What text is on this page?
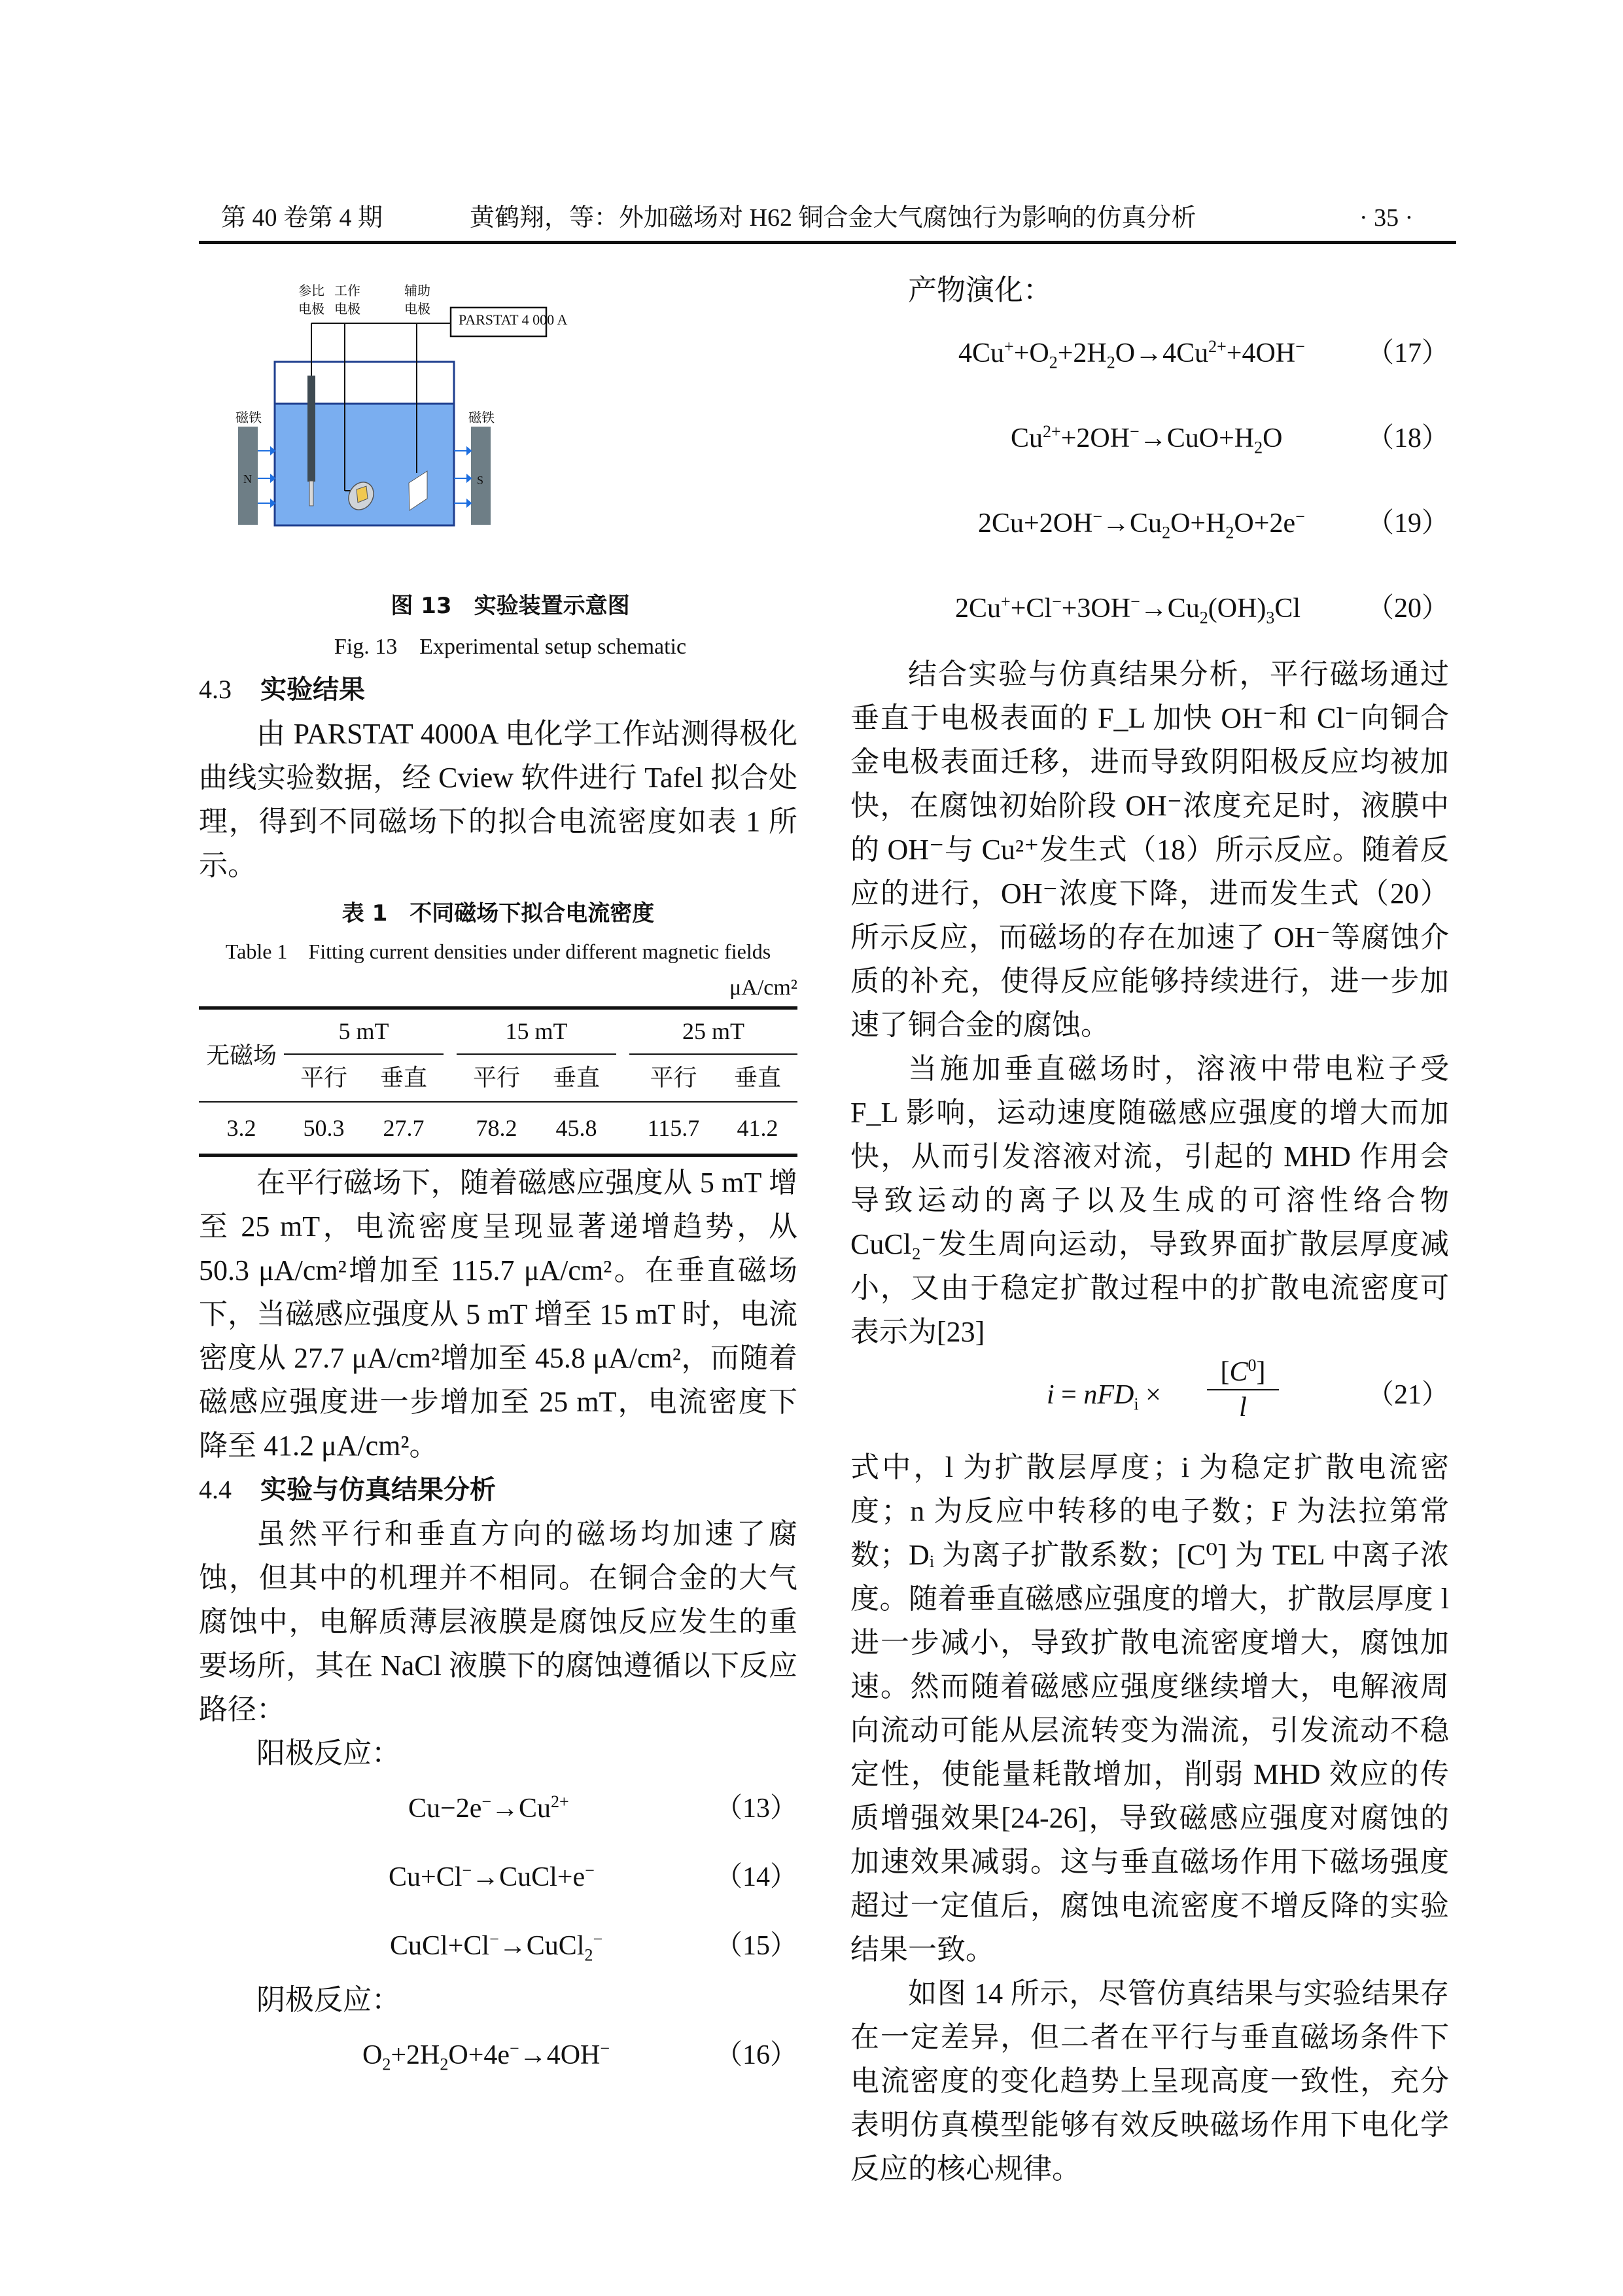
第 40 卷第 4 期	黄鹤翔，等：外加磁场对 H62 铜合金大气腐蚀行为影响的仿真分析	· 35 ·
N	S
PARSTAT 4 000 A
参比
电极
工作
电极
辅助
电极
磁铁	磁铁
图 13　实验装置示意图
Fig. 13　Experimental setup schematic
4.3 实验结果

由 PARSTAT 4000A 电化学工作站测得极化曲线实验数据，经 Cview 软件进行 Tafel 拟合处理，得到不同磁场下的拟合电流密度如表 1 所示。

表 1　不同磁场下拟合电流密度
Table 1　Fitting current densities under different magnetic fields
μA/cm²
无磁场	5 mT			15 mT			25 mT	
	平行	垂直		平行	垂直		平行	垂直

3.2	50.3	27.7		78.2	45.8		115.7	41.2

在平行磁场下，随着磁感应强度从 5 mT 增至 25 mT，电流密度呈现显著递增趋势，从 50.3 μA/cm²增加至 115.7 μA/cm²。在垂直磁场下，当磁感应强度从 5 mT 增至 15 mT 时，电流密度从 27.7 μA/cm²增加至 45.8 μA/cm²，而随着磁感应强度进一步增加至 25 mT，电流密度下降至 41.2 μA/cm²。

4.4 实验与仿真结果分析

虽然平行和垂直方向的磁场均加速了腐蚀，但其中的机理并不相同。在铜合金的大气腐蚀中，电解质薄层液膜是腐蚀反应发生的重要场所，其在 NaCl 液膜下的腐蚀遵循以下反应路径：

阳极反应：

$Cu-2e^-\to Cu^{2+}$	（13）
Cu+Cl−→CuCl+e−	（14）
CuCl+Cl−→CuCl$_2$−	（15）

阴极反应：

$O_2+2H_2O+4e^-\to 4OH^-$	（16）

产物演化：

$4Cu^++O_2+2H_2O\to 4Cu^{2+}+4OH^-$ （17）
$Cu^{2+}+2OH^-\to CuO+H_2O$	（18）
$2Cu+2OH^-\to Cu_2O+H_2O+2e^-$ （19）
$2Cu^++Cl^-+3OH^-\to Cu_2(OH)_3Cl$ （20）

结合实验与仿真结果分析，平行磁场通过垂直于电极表面的 F_L 加快 OH⁻和 Cl⁻向铜合金电极表面迁移，进而导致阴阳极反应均被加快，在腐蚀初始阶段 OH⁻浓度充足时，液膜中的 OH⁻与 Cu²⁺发生式（18）所示反应。随着反应的进行，OH⁻浓度下降，进而发生式（20）所示反应，而磁场的存在加速了 OH⁻等腐蚀介质的补充，使得反应能够持续进行，进一步加速了铜合金的腐蚀。

当施加垂直磁场时，溶液中带电粒子受 F_L 影响，运动速度随磁感应强度的增大而加快，从而引发溶液对流，引起的 MHD 作用会导致运动的离子以及生成的可溶性络合物 CuCl₂⁻发生周向运动，导致界面扩散层厚度减小，又由于稳定扩散过程中的扩散电流密度可表示为[23]

i = nFD$_i$ ×
$[C^0]$
l	（21）

式中，l 为扩散层厚度；i 为稳定扩散电流密度；n 为反应中转移的电子数；F 为法拉第常数；Dᵢ 为离子扩散系数；[C⁰] 为 TEL 中离子浓度。随着垂直磁感应强度的增大，扩散层厚度 l 进一步减小，导致扩散电流密度增大，腐蚀加速。然而随着磁感应强度继续增大，电解液周向流动可能从层流转变为湍流，引发流动不稳定性，使能量耗散增加，削弱 MHD 效应的传质增强效果[24-26]，导致磁感应强度对腐蚀的加速效果减弱。这与垂直磁场作用下磁场强度超过一定值后，腐蚀电流密度不增反降的实验结果一致。

如图 14 所示，尽管仿真结果与实验结果存在一定差异，但二者在平行与垂直磁场条件下电流密度的变化趋势上呈现高度一致性，充分表明仿真模型能够有效反映磁场作用下电化学反应的核心规律。
